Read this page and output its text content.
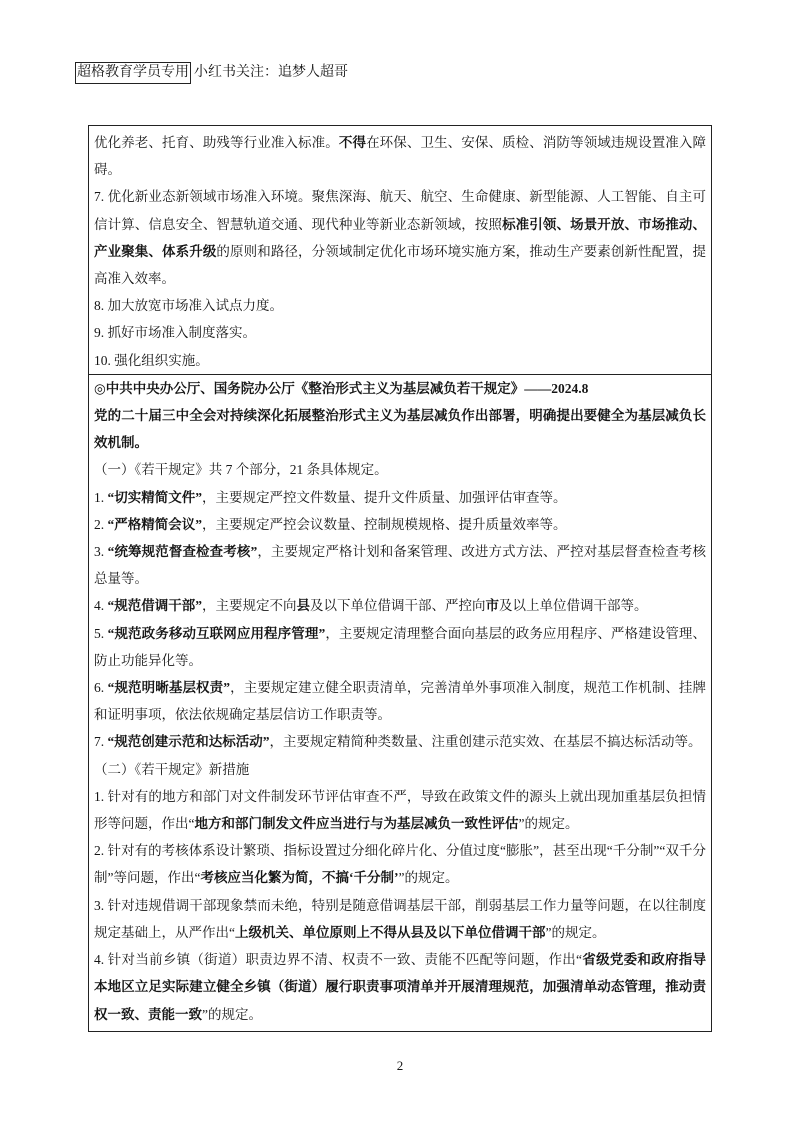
超格教育学员专用 小红书关注：追梦人超哥

优化养老、托育、助残等行业准入标准。不得在环保、卫生、安保、质检、消防等领域违规设置准入障碍。

7. 优化新业态新领域市场准入环境。聚焦深海、航天、航空、生命健康、新型能源、人工智能、自主可信计算、信息安全、智慧轨道交通、现代种业等新业态新领域，按照标准引领、场景开放、市场推动、产业聚集、体系升级的原则和路径，分领域制定优化市场环境实施方案，推动生产要素创新性配置，提高准入效率。

8. 加大放宽市场准入试点力度。

9. 抓好市场准入制度落实。

10. 强化组织实施。

◎中共中央办公厅、国务院办公厅《整治形式主义为基层减负若干规定》——2024.8

党的二十届三中全会对持续深化拓展整治形式主义为基层减负作出部署，明确提出要健全为基层减负长效机制。

（一）《若干规定》共 7 个部分，21 条具体规定。

1. “切实精简文件”，主要规定严控文件数量、提升文件质量、加强评估审查等。

2. “严格精简会议”，主要规定严控会议数量、控制规模规格、提升质量效率等。

3. “统筹规范督查检查考核”，主要规定严格计划和备案管理、改进方式方法、严控对基层督查检查考核总量等。

4. “规范借调干部”，主要规定不向县及以下单位借调干部、严控向市及以上单位借调干部等。

5. “规范政务移动互联网应用程序管理”，主要规定清理整合面向基层的政务应用程序、严格建设管理、防止功能异化等。

6. “规范明晰基层权责”，主要规定建立健全职责清单，完善清单外事项准入制度，规范工作机制、挂牌和证明事项，依法依规确定基层信访工作职责等。

7. “规范创建示范和达标活动”，主要规定精简种类数量、注重创建示范实效、在基层不搞达标活动等。

（二）《若干规定》新措施

1. 针对有的地方和部门对文件制发环节评估审查不严，导致在政策文件的源头上就出现加重基层负担情形等问题，作出“地方和部门制发文件应当进行与为基层减负一致性评估”的规定。

2. 针对有的考核体系设计繁琐、指标设置过分细化碎片化、分值过度“膨胀”，甚至出现“千分制”“双千分制”等问题，作出“考核应当化繁为简，不搞‘千分制’”的规定。

3. 针对违规借调干部现象禁而未绝，特别是随意借调基层干部，削弱基层工作力量等问题，在以往制度规定基础上，从严作出“上级机关、单位原则上不得从县及以下单位借调干部”的规定。

4. 针对当前乡镇（街道）职责边界不清、权责不一致、责能不匹配等问题，作出“省级党委和政府指导本地区立足实际建立健全乡镇（街道）履行职责事项清单并开展清理规范，加强清单动态管理，推动责权一致、责能一致”的规定。

2
